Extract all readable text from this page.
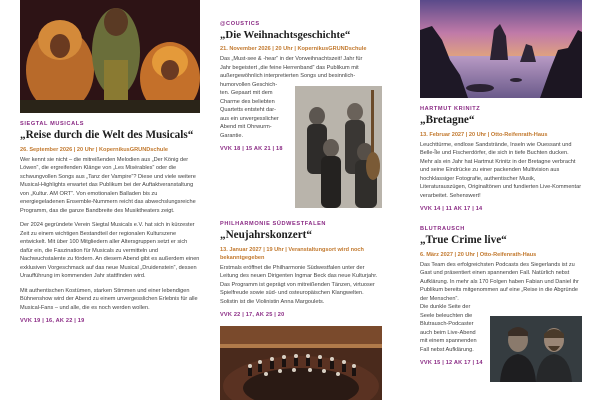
SIEGTAL MUSICALS
„Reise durch die Welt des Musicals“
26. September 2026 | 20 Uhr | KopernikusGRUNDschule

Wer kennt sie nicht – die mitreißenden Melodien aus „Der König der Löwen“, die ergreifenden Klänge von „Les Misérables“ oder die schwungvollen Songs aus „Tanz der Vampire“? Diese und viele weitere Musical-Highlights erwartet das Publikum bei der Auftaktveranstaltung von „Kultur. AM ORT“. Von emotionalen Balladen bis zu energiegeladenen Ensemble-Nummern reicht das abwechslungsreiche Programm, das die ganze Bandbreite des Musiktheaters zeigt.

Der 2024 gegründete Verein Siegtal Musicals e.V. hat sich in kürzester Zeit zu einem wichtigen Bestandteil der regionalen Kulturszene entwickelt. Mit über 100 Mitgliedern aller Altersgruppen setzt er sich dafür ein, die Faszination für Musicals zu vermitteln und Nachwuchstalente zu fördern. An diesem Abend gibt es außerdem einen exklusiven Vorgeschmack auf das neue Musical „Druidenstein“, dessen Uraufführung im kommenden Jahr stattfinden wird.

Mit authentischen Kostümen, starken Stimmen und einer lebendigen Bühnenshow wird der Abend zu einem unvergesslichen Erlebnis für alle Musical-Fans – und alle, die es noch werden wollen.

VVK 19 | 16, AK 22 | 19
@COUSTICS
„Die Weihnachtsgeschichte“
21. November 2026 | 20 Uhr | KopernikusGRUNDschule
Das „Must-see & -hear“ in der Vorweihnachtszeit! Jahr für
Jahr begeistert „die feine Herrenband“ das Publikum mit
außergewöhnlich interpretierten Songs und besinnlich-
humorvollen Geschich-
ten. Gepaart mit dem
Charme des beliebten
Quartetts entsteht dar-
aus ein unvergesslicher
Abend mit Ohrwurm-
Garantie.
VVK 18 | 15 AK 21 | 18
PHILHARMONIE SÜDWESTFALEN
„Neujahrskonzert“
13. Januar 2027 | 19 Uhr | Veranstaltungsort wird noch bekanntgegeben

Erstmals eröffnet die Philharmonie Südwestfalen unter der Leitung des neuen Dirigenten Ingmar Beck das neue Kulturjahr. Das Programm ist geprägt von mitreißenden Tänzen, virtuoser Spielfreude sowie süd- und osteuropäischen Klangwelten. Solistin ist die Violinistin Anna Margoulets.

VVK 22 | 17, AK 25 | 20
HARTMUT KRINITZ
„Bretagne“
13. Februar 2027 | 20 Uhr | Otto-Reifenrath-Haus

Leuchttürme, endlose Sandstrände, Inseln wie Ouessant und Belle-Île und Fischerdörfer, die sich in tiefe Buchten ducken. Mehr als ein Jahr hat Hartmut Krinitz in der Bretagne verbracht und seine Eindrücke zu einer packenden Multivision aus hochklassiger Fotografie, authentischer Musik, Literaturauszügen, Originaltönen und fundierten Live-Kommentar verarbeitet. Sehenswert!

VVK 14 | 11 AK 17 | 14
BLUTRAUSCH
„True Crime live“
6. März 2027 | 20 Uhr | Otto-Reifenrath-Haus

Das Team des erfolgreichsten Podcasts des Siegerlands ist zu Gast und präsentiert einen spannenden Fall. Natürlich nebst Aufklärung. In mehr als 170 Folgen haben Fabian und Daniel ihr Publikum bereits mitgenommen auf eine „Reise in die Abgründe der Menschen“.

Die dunkle Seite der
Seele beleuchten die
Blutrausch-Podcaster
auch beim Live-Abend
mit einem spannenden
Fall nebst Aufklärung.
VVK 15 | 12 AK 17 | 14
